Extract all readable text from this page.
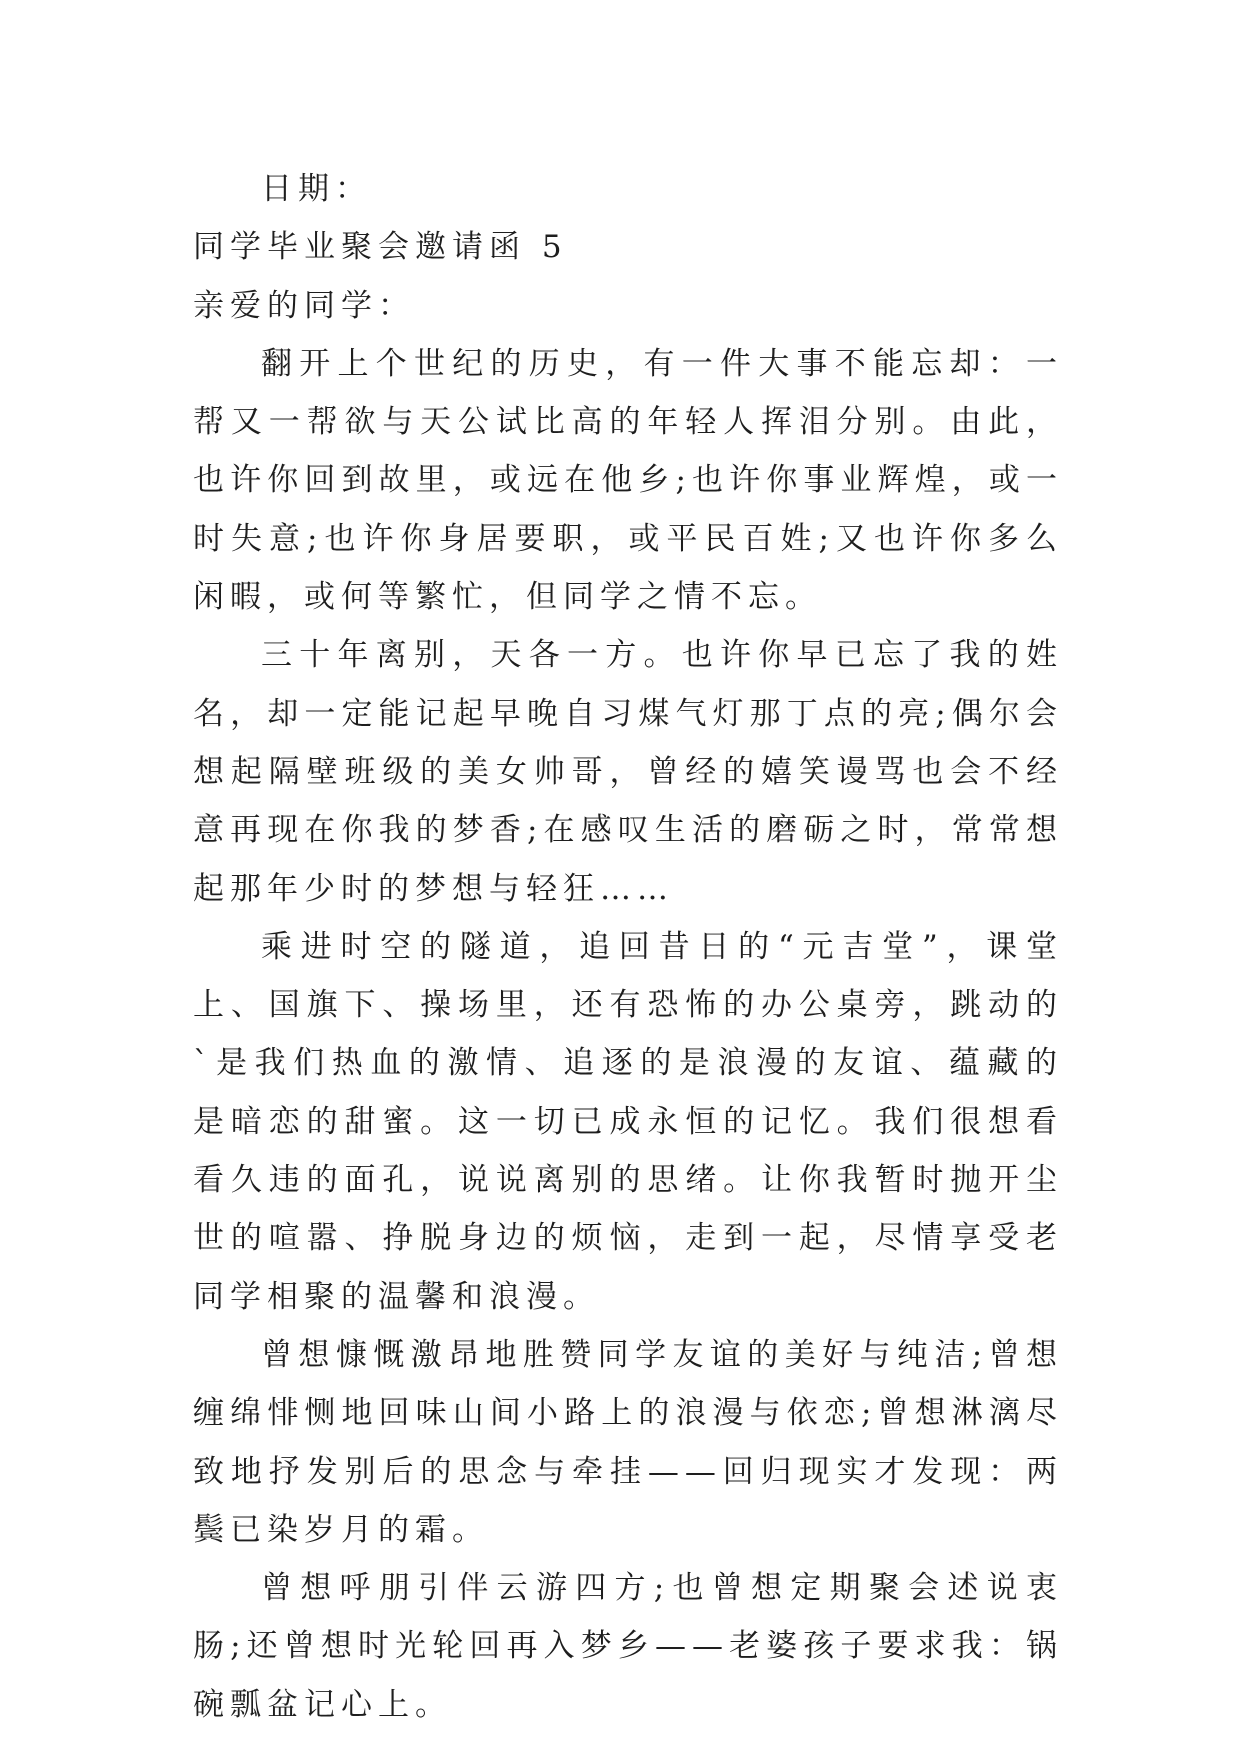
日期：
同学毕业聚会邀请函 5
亲爱的同学：

翻开上个世纪的历史，有一件大事不能忘却：一帮又一帮欲与天公试比高的年轻人挥泪分别。由此，也许你回到故里，或远在他乡;也许你事业辉煌，或一时失意;也许你身居要职，或平民百姓;又也许你多么闲暇，或何等繁忙，但同学之情不忘。

三十年离别，天各一方。也许你早已忘了我的姓名，却一定能记起早晚自习煤气灯那丁点的亮;偶尔会想起隔壁班级的美女帅哥，曾经的嬉笑谩骂也会不经意再现在你我的梦香;在感叹生活的磨砺之时，常常想起那年少时的梦想与轻狂……

乘进时空的隧道，追回昔日的“元吉堂”，课堂上、国旗下、操场里，还有恐怖的办公桌旁，跳动的`是我们热血的激情、追逐的是浪漫的友谊、蕴藏的是暗恋的甜蜜。这一切已成永恒的记忆。我们很想看看久违的面孔，说说离别的思绪。让你我暂时抛开尘世的喧嚣、挣脱身边的烦恼，走到一起，尽情享受老同学相聚的温馨和浪漫。

曾想慷慨激昂地胜赞同学友谊的美好与纯洁;曾想缠绵悱恻地回味山间小路上的浪漫与依恋;曾想淋漓尽致地抒发别后的思念与牵挂——回归现实才发现：两鬓已染岁月的霜。

曾想呼朋引伴云游四方;也曾想定期聚会述说衷肠;还曾想时光轮回再入梦乡——老婆孩子要求我：锅碗瓢盆记心上。
